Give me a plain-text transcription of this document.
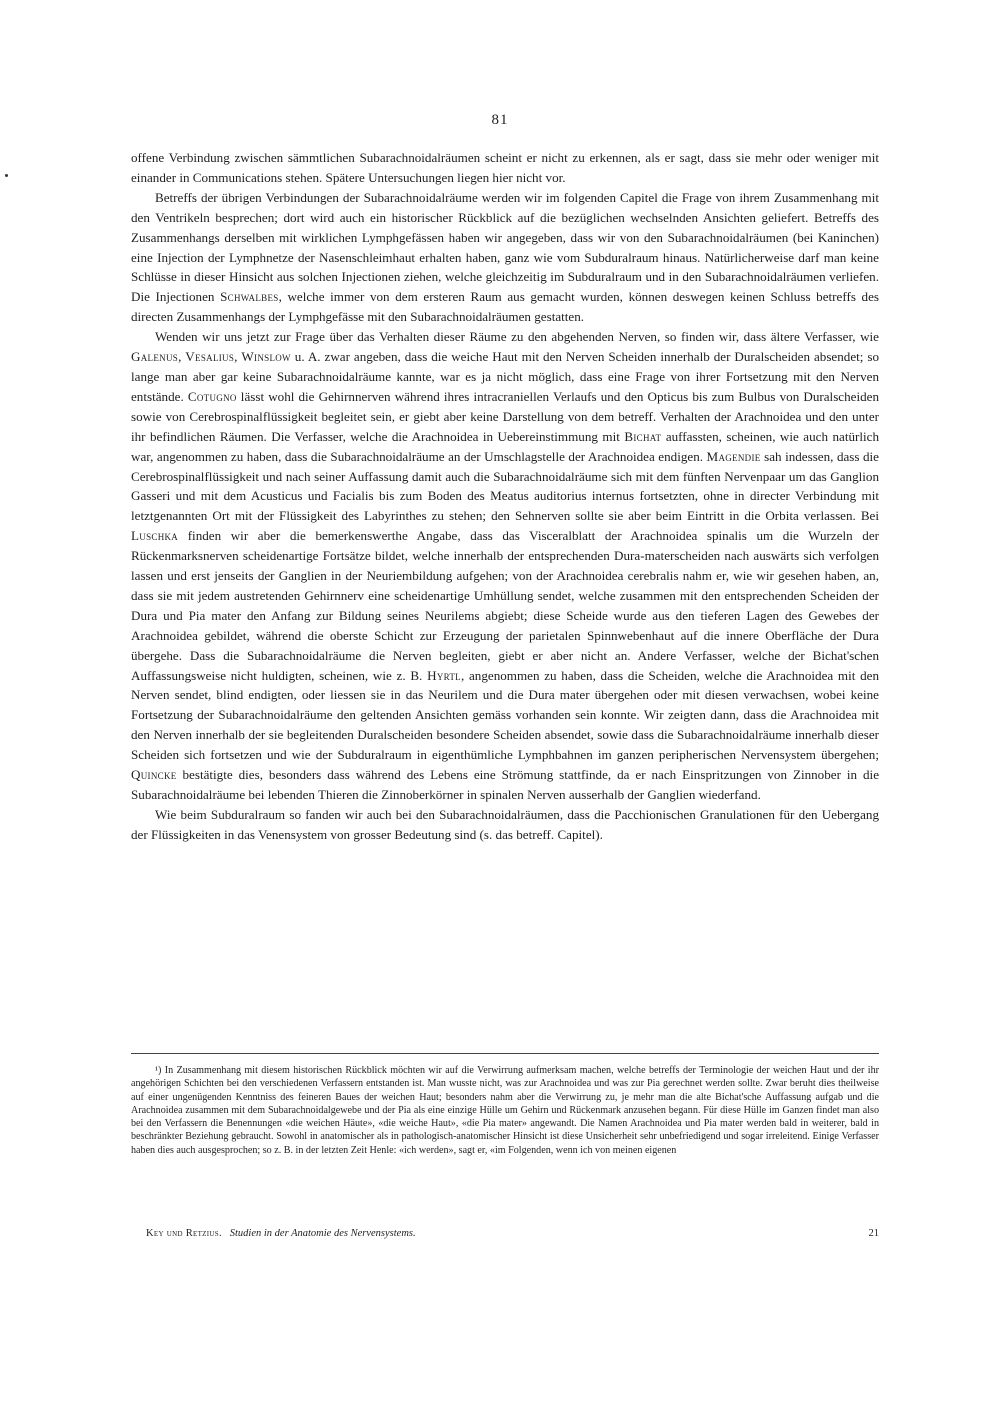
81

offene Verbindung zwischen sämmtlichen Subarachnoidalräumen scheint er nicht zu erkennen, als er sagt, dass sie mehr oder weniger mit einander in Communications stehen. Spätere Untersuchungen liegen hier nicht vor.

Betreffs der übrigen Verbindungen der Subarachnoidalräume werden wir im folgenden Capitel die Frage von ihrem Zusammenhang mit den Ventrikeln besprechen; dort wird auch ein historischer Rückblick auf die bezüglichen wechselnden Ansichten geliefert. Betreffs des Zusammenhangs derselben mit wirklichen Lymphgefässen haben wir angegeben, dass wir von den Subarachnoidalräumen (bei Kaninchen) eine Injection der Lymphnetze der Nasenschleimhaut erhalten haben, ganz wie vom Subduralraum hinaus. Natürlicherweise darf man keine Schlüsse in dieser Hinsicht aus solchen Injectionen ziehen, welche gleichzeitig im Subduralraum und in den Subarachnoidalräumen verliefen. Die Injectionen Schwalbes, welche immer von dem ersteren Raum aus gemacht wurden, können deswegen keinen Schluss betreffs des directen Zusammenhangs der Lymphgefässe mit den Subarachnoidalräumen gestatten.

Wenden wir uns jetzt zur Frage über das Verhalten dieser Räume zu den abgehenden Nerven, so finden wir, dass ältere Verfasser, wie Galenus, Vesalius, Winslow u. A. zwar angeben, dass die weiche Haut mit den Nerven Scheiden innerhalb der Duralscheiden absendet; so lange man aber gar keine Subarachnoidalräume kannte, war es ja nicht möglich, dass eine Frage von ihrer Fortsetzung mit den Nerven entstände. Cotugno lässt wohl die Gehirnnerven während ihres intracraniellen Verlaufs und den Opticus bis zum Bulbus von Duralscheiden sowie von Cerebrospinalflüssigkeit begleitet sein, er giebt aber keine Darstellung von dem betreff. Verhalten der Arachnoidea und den unter ihr befindlichen Räumen. Die Verfasser, welche die Arachnoidea in Uebereinstimmung mit Bichat auffassten, scheinen, wie auch natürlich war, angenommen zu haben, dass die Subarachnoidalräume an der Umschlagstelle der Arachnoidea endigen. Magendie sah indessen, dass die Cerebrospinalflüssigkeit und nach seiner Auffassung damit auch die Subarachnoidalräume sich mit dem fünften Nervenpaar um das Ganglion Gasseri und mit dem Acusticus und Facialis bis zum Boden des Meatus auditorius internus fortsetzten, ohne in directer Verbindung mit letztgenannten Ort mit der Flüssigkeit des Labyrinthes zu stehen; den Sehnerven sollte sie aber beim Eintritt in die Orbita verlassen. Bei Luschka finden wir aber die bemerkenswerthe Angabe, dass das Visceralblatt der Arachnoidea spinalis um die Wurzeln der Rückenmarksnerven scheidenartige Fortsätze bildet, welche innerhalb der entsprechenden Dura-materscheiden nach auswärts sich verfolgen lassen und erst jenseits der Ganglien in der Neuriembildung aufgehen; von der Arachnoidea cerebralis nahm er, wie wir gesehen haben, an, dass sie mit jedem austretenden Gehirnnerv eine scheidenartige Umhüllung sendet, welche zusammen mit den entsprechenden Scheiden der Dura und Pia mater den Anfang zur Bildung seines Neurilems abgiebt; diese Scheide wurde aus den tieferen Lagen des Gewebes der Arachnoidea gebildet, während die oberste Schicht zur Erzeugung der parietalen Spinnwebenhaut auf die innere Oberfläche der Dura übergehe. Dass die Subarachnoidalräume die Nerven begleiten, giebt er aber nicht an. Andere Verfasser, welche der Bichat'schen Auffassungsweise nicht huldigten, scheinen, wie z. B. Hyrtl, angenommen zu haben, dass die Scheiden, welche die Arachnoidea mit den Nerven sendet, blind endigten, oder liessen sie in das Neurilem und die Dura mater übergehen oder mit diesen verwachsen, wobei keine Fortsetzung der Subarachnoidalräume den geltenden Ansichten gemäss vorhanden sein konnte. Wir zeigten dann, dass die Arachnoidea mit den Nerven innerhalb der sie begleitenden Duralscheiden besondere Scheiden absendet, sowie dass die Subarachnoidalräume innerhalb dieser Scheiden sich fortsetzen und wie der Subduralraum in eigenthümliche Lymphbahnen im ganzen peripherischen Nervensystem übergehen; Quincke bestätigte dies, besonders dass während des Lebens eine Strömung stattfinde, da er nach Einspritzungen von Zinnober in die Subarachnoidalräume bei lebenden Thieren die Zinnoberkörner in spinalen Nerven ausserhalb der Ganglien wiederfand.

Wie beim Subduralraum so fanden wir auch bei den Subarachnoidalräumen, dass die Pacchionischen Granulationen für den Uebergang der Flüssigkeiten in das Venensystem von grosser Bedeutung sind (s. das betreff. Capitel).

¹) In Zusammenhang mit diesem historischen Rückblick möchten wir auf die Verwirrung aufmerksam machen, welche betreffs der Terminologie der weichen Haut und der ihr angehörigen Schichten bei den verschiedenen Verfassern entstanden ist. Man wusste nicht, was zur Arachnoidea und was zur Pia gerechnet werden sollte. Zwar beruht dies theilweise auf einer ungenügenden Kenntniss des feineren Baues der weichen Haut; besonders nahm aber die Verwirrung zu, je mehr man die alte Bichat'sche Auffassung aufgab und die Arachnoidea zusammen mit dem Subarachnoidalgewebe und der Pia als eine einzige Hülle um Gehirn und Rückenmark anzusehen begann. Für diese Hülle im Ganzen findet man also bei den Verfassern die Benennungen «die weichen Häute», «die weiche Haut», «die Pia mater» angewandt. Die Namen Arachnoidea und Pia mater werden bald in weiterer, bald in beschränkter Beziehung gebraucht. Sowohl in anatomischer als in pathologisch-anatomischer Hinsicht ist diese Unsicherheit sehr unbefriedigend und sogar irreleitend. Einige Verfasser haben dies auch ausgesprochen; so z. B. in der letzten Zeit Henle: «ich werden», sagt er, «im Folgenden, wenn ich von meinen eigenen

Key und Retzius. Studien in der Anatomie des Nervensystems.	21
